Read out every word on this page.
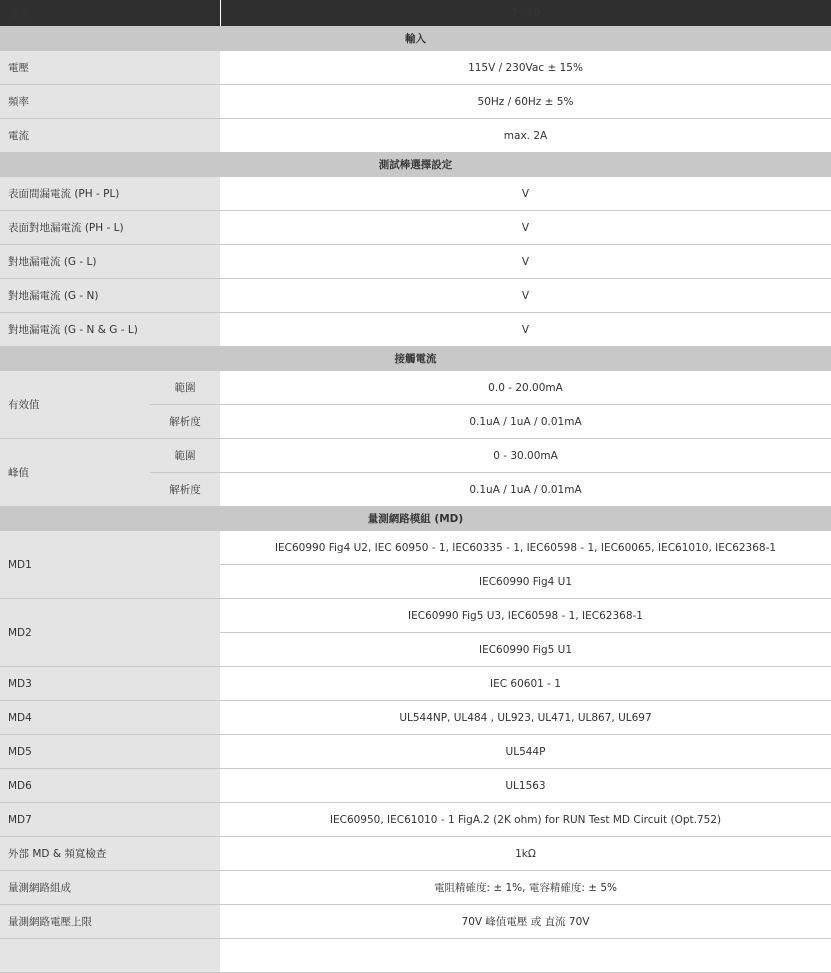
型號		7630
輸入		
電壓		115V / 230Vac ± 15%
頻率		50Hz / 60Hz ± 5%
電流		max. 2A
測試棒選擇設定		
表面間漏電流 (PH - PL)		V
表面對地漏電流 (PH - L)		V
對地漏電流 (G - L)		V
對地漏電流 (G - N)		V
對地漏電流 (G - N & G - L)		V
接觸電流		
有效值	範圍	0.0 - 20.00mA
	解析度	0.1uA / 1uA / 0.01mA
峰值	範圍	0 - 30.00mA
	解析度	0.1uA / 1uA / 0.01mA
量測網路模組 (MD)		
MD1		IEC60990 Fig4 U2, IEC 60950 - 1, IEC60335 - 1, IEC60598 - 1, IEC60065, IEC61010, IEC62368-1
		IEC60990 Fig4 U1
MD2		IEC60990 Fig5 U3, IEC60598 - 1, IEC62368-1
		IEC60990 Fig5 U1
MD3		IEC 60601 - 1
MD4		UL544NP, UL484 , UL923, UL471, UL867, UL697
MD5		UL544P
MD6		UL1563
MD7		IEC60950, IEC61010 - 1 FigA.2 (2K ohm) for RUN Test MD Circuit (Opt.752)
外部 MD & 頻寬檢查		1kΩ
量測網路組成		電阻精確度: ± 1%, 電容精確度: ± 5%
量測網路電壓上限		70V 峰值電壓 或 直流 70V
